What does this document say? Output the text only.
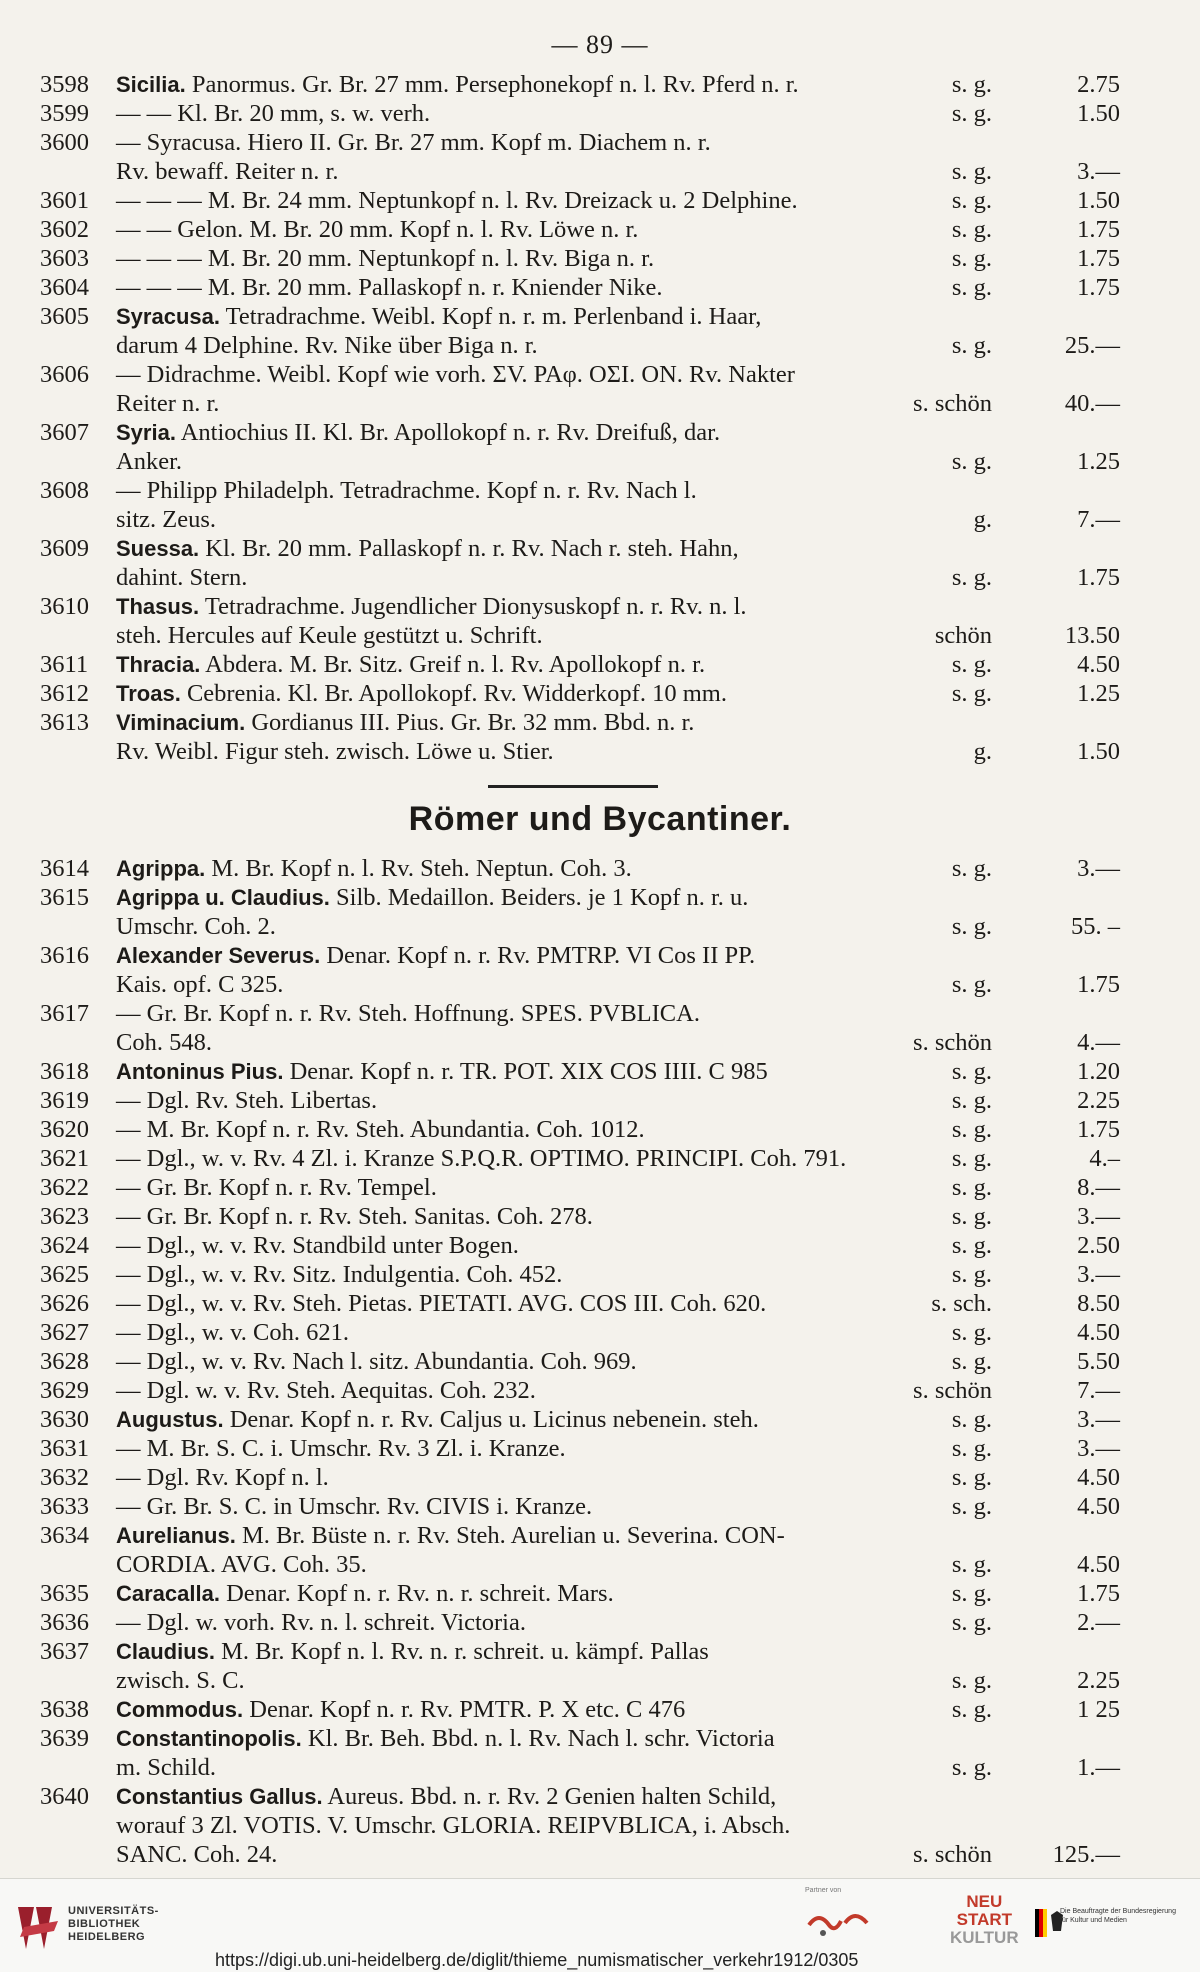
— 89 —
3598	Sicilia. Panormus. Gr. Br. 27 mm. Persephonekopf n. l. Rv. Pferd n. r.	s. g.	2.75
3599	— — Kl. Br. 20 mm, s. w. verh.	s. g.	1.50
3600	— Syracusa. Hiero II. Gr. Br. 27 mm. Kopf m. Diachem n. r.
Rv. bewaff. Reiter n. r.	s. g.	3.—
3601	— — — M. Br. 24 mm. Neptunkopf n. l. Rv. Dreizack u. 2 Delphine.	s. g.	1.50
3602	— — Gelon. M. Br. 20 mm. Kopf n. l. Rv. Löwe n. r.	s. g.	1.75
3603	— — — M. Br. 20 mm. Neptunkopf n. l. Rv. Biga n. r.	s. g.	1.75
3604	— — — M. Br. 20 mm. Pallaskopf n. r. Kniender Nike.	s. g.	1.75
3605	Syracusa. Tetradrachme. Weibl. Kopf n. r. m. Perlenband i. Haar,
darum 4 Delphine. Rv. Nike über Biga n. r.	s. g.	25.—
3606	— Didrachme. Weibl. Kopf wie vorh. ΣV. PAφ. OΣI. ON. Rv. Nakter
Reiter n. r.	s. schön	40.—
3607	Syria. Antiochius II. Kl. Br. Apollokopf n. r. Rv. Dreifuß, dar.
Anker.	s. g.	1.25
3608	— Philipp Philadelph. Tetradrachme. Kopf n. r. Rv. Nach l.
sitz. Zeus.	g.	7.—
3609	Suessa. Kl. Br. 20 mm. Pallaskopf n. r. Rv. Nach r. steh. Hahn,
dahint. Stern.	s. g.	1.75
3610	Thasus. Tetradrachme. Jugendlicher Dionysuskopf n. r. Rv. n. l.
steh. Hercules auf Keule gestützt u. Schrift.	schön	13.50
3611	Thracia. Abdera. M. Br. Sitz. Greif n. l. Rv. Apollokopf n. r.	s. g.	4.50
3612	Troas. Cebrenia. Kl. Br. Apollokopf. Rv. Widderkopf. 10 mm.	s. g.	1.25
3613	Viminacium. Gordianus III. Pius. Gr. Br. 32 mm. Bbd. n. r.
Rv. Weibl. Figur steh. zwisch. Löwe u. Stier.	g.	1.50
Römer und Bycantiner.
3614	Agrippa. M. Br. Kopf n. l. Rv. Steh. Neptun. Coh. 3.	s. g.	3.—
3615	Agrippa u. Claudius. Silb. Medaillon. Beiders. je 1 Kopf n. r. u.
Umschr. Coh. 2.	s. g.	55. –
3616	Alexander Severus. Denar. Kopf n. r. Rv. PMTRP. VI Cos II PP.
Kais. opf. C 325.	s. g.	1.75
3617	— Gr. Br. Kopf n. r. Rv. Steh. Hoffnung. SPES. PVBLICA.
Coh. 548.	s. schön	4.—
3618	Antoninus Pius. Denar. Kopf n. r. TR. POT. XIX COS IIII. C 985	s. g.	1.20
3619	— Dgl. Rv. Steh. Libertas.	s. g.	2.25
3620	— M. Br. Kopf n. r. Rv. Steh. Abundantia. Coh. 1012.	s. g.	1.75
3621	— Dgl., w. v. Rv. 4 Zl. i. Kranze S.P.Q.R. OPTIMO. PRINCIPI. Coh. 791.	s. g.	4.–
3622	— Gr. Br. Kopf n. r. Rv. Tempel.	s. g.	8.—
3623	— Gr. Br. Kopf n. r. Rv. Steh. Sanitas. Coh. 278.	s. g.	3.—
3624	— Dgl., w. v. Rv. Standbild unter Bogen.	s. g.	2.50
3625	— Dgl., w. v. Rv. Sitz. Indulgentia. Coh. 452.	s. g.	3.—
3626	— Dgl., w. v. Rv. Steh. Pietas. PIETATI. AVG. COS III. Coh. 620.	s. sch.	8.50
3627	— Dgl., w. v. Coh. 621.	s. g.	4.50
3628	— Dgl., w. v. Rv. Nach l. sitz. Abundantia. Coh. 969.	s. g.	5.50
3629	— Dgl. w. v. Rv. Steh. Aequitas. Coh. 232.	s. schön	7.—
3630	Augustus. Denar. Kopf n. r. Rv. Caljus u. Licinus nebenein. steh.	s. g.	3.—
3631	— M. Br. S. C. i. Umschr. Rv. 3 Zl. i. Kranze.	s. g.	3.—
3632	— Dgl. Rv. Kopf n. l.	s. g.	4.50
3633	— Gr. Br. S. C. in Umschr. Rv. CIVIS i. Kranze.	s. g.	4.50
3634	Aurelianus. M. Br. Büste n. r. Rv. Steh. Aurelian u. Severina. CON-
CORDIA. AVG. Coh. 35.	s. g.	4.50
3635	Caracalla. Denar. Kopf n. r. Rv. n. r. schreit. Mars.	s. g.	1.75
3636	— Dgl. w. vorh. Rv. n. l. schreit. Victoria.	s. g.	2.—
3637	Claudius. M. Br. Kopf n. l. Rv. n. r. schreit. u. kämpf. Pallas
zwisch. S. C.	s. g.	2.25
3638	Commodus. Denar. Kopf n. r. Rv. PMTR. P. X etc. C 476	s. g.	1 25
3639	Constantinopolis. Kl. Br. Beh. Bbd. n. l. Rv. Nach l. schr. Victoria
m. Schild.	s. g.	1.—
3640	Constantius Gallus. Aureus. Bbd. n. r. Rv. 2 Genien halten Schild,
worauf 3 Zl. VOTIS. V. Umschr. GLORIA. REIPVBLICA, i. Absch.
SANC. Coh. 24.	s. schön	125.—
UNIVERSITÄTS-
BIBLIOTHEK
HEIDELBERG
Partner von
NEU
START
KULTUR
Die Beauftragte der Bundesregierung für Kultur und Medien
https://digi.ub.uni-heidelberg.de/diglit/thieme_numismatischer_verkehr1912/0305
